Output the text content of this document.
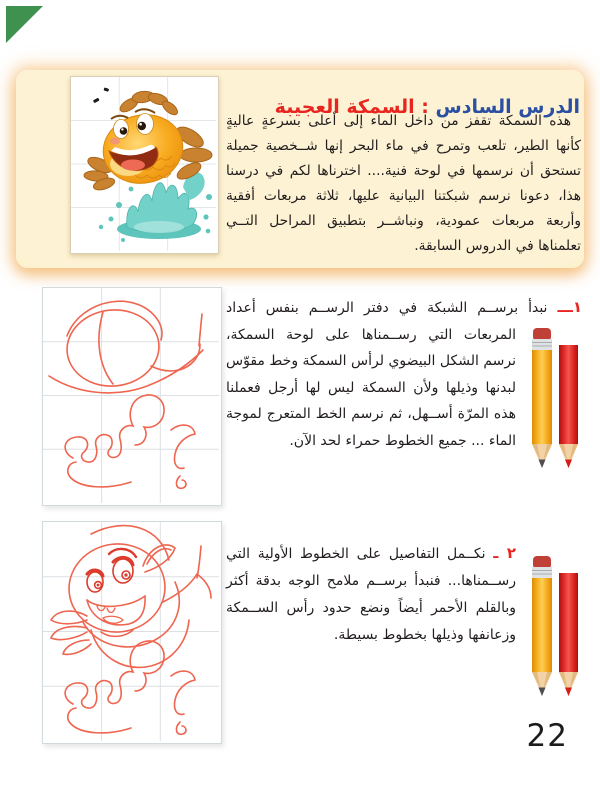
الدرس السادس : السمكة العجيبة

هذه السمكة تقفز من داخل الماء إلى أعلى بسرعةٍ عاليةٍ كأنها الطير، تلعب وتمرح في ماء البحر إنها شــخصية جميلة تستحق أن نرسمها في لوحة فنية.... اخترناها لكم في درسنا هذا، دعونا نرسم شبكتنا البيانية عليها، ثلاثة مربعات أفقية وأربعة مربعات عمودية، ونباشــر بتطبيق المراحل التــي تعلمناها في الدروس السابقة.

١ـــ نبدأ برســم الشبكة في دفتر الرســم بنفس أعداد المربعات التي رســمناها على لوحة السمكة، نرسم الشكل البيضوي لرأس السمكة وخط مقوّس لبدنها وذيلها ولأن السمكة ليس لها أرجل فعملنا هذه المرّة أســهل، ثم نرسم الخط المتعرج لموجة الماء ... جميع الخطوط حمراء لحد الآن.

٢ ـ نكــمل التفاصيل على الخطوط الأولية التي رســمناها... فنبدأ برســم ملامح الوجه بدقة أكثر وبالقلم الأحمر أيضاً ونضع حدود رأس الســمكة وزعانفها وذيلها بخطوط بسيطة.

22
